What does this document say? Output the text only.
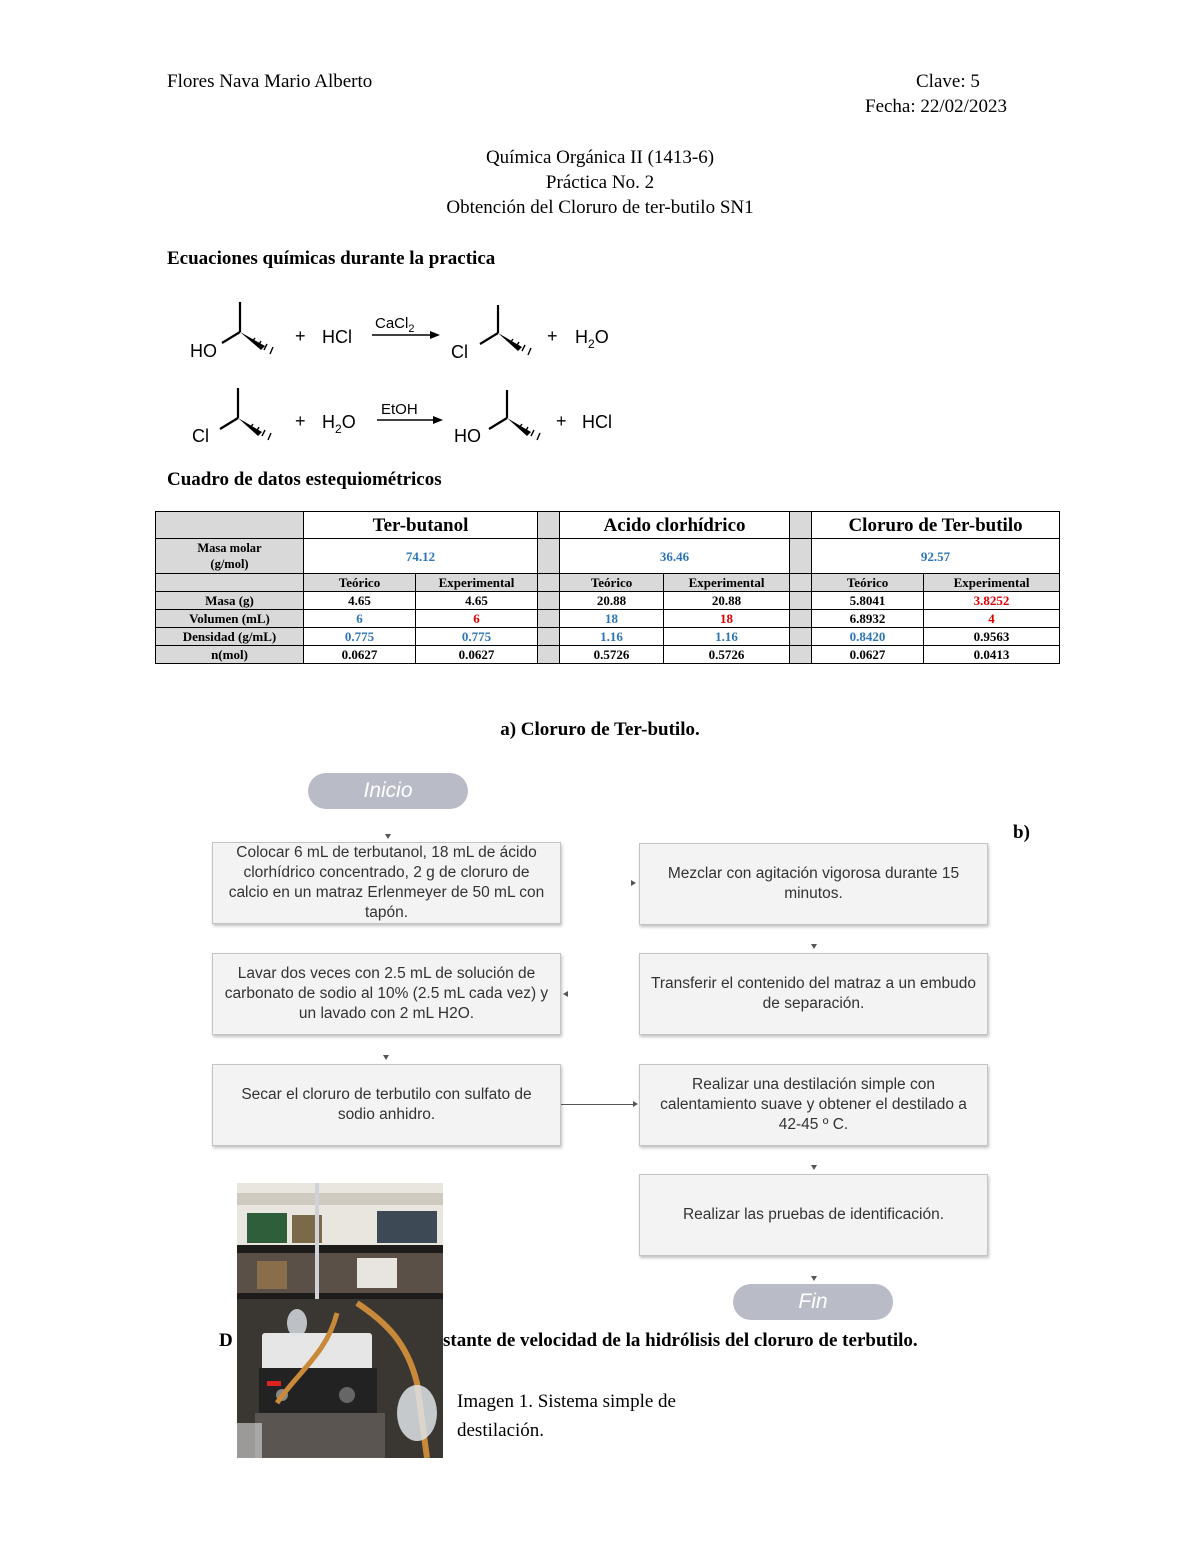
Flores Nava Mario Alberto	Clave: 5
Fecha: 22/02/2023
Química Orgánica II (1413-6)
Práctica No. 2
Obtención del Cloruro de ter-butilo SN1
Ecuaciones químicas durante la practica
HO
+ HCl
CaCl$_2$
Cl
+ $H_2O$
Cl
+ $H_2O$
EtOH
HO
+ HCl
Cuadro de datos estequiométricos
	Ter-butanol			Acido clorhídrico			Cloruro de Ter-butilo	
Masa molar
(g/mol)	74.12			36.46			92.57	
	Teórico	Experimental		Teórico	Experimental		Teórico	Experimental
Masa (g)	4.65	4.65		20.88	20.88		5.8041	3.8252
Volumen (mL)	6	6		18	18		6.8932	4
Densidad (g/mL)	0.775	0.775		1.16	1.16		0.8420	0.9563
n(mol)	0.0627	0.0627		0.5726	0.5726		0.0627	0.0413
a) Cloruro de Ter-butilo.
Inicio
b)
Colocar 6 mL de terbutanol, 18 mL de ácido clorhídrico concentrado, 2 g de cloruro de calcio en un matraz Erlenmeyer de 50 mL con tapón.
Mezclar con agitación vigorosa durante 15 minutos.
Transferir el contenido del matraz a un embudo de separación.
Lavar dos veces con 2.5 mL de solución de carbonato de sodio al 10% (2.5 mL cada vez) y un lavado con 2 mL H2O.
Secar el cloruro de terbutilo con sulfato de sodio anhidro.
Realizar una destilación simple con calentamiento suave y obtener el destilado a 42-45 º C.
Realizar las pruebas de identificación.
Fin
D	stante de velocidad de la hidrólisis del cloruro de terbutilo.
Imagen 1. Sistema simple de
destilación.
